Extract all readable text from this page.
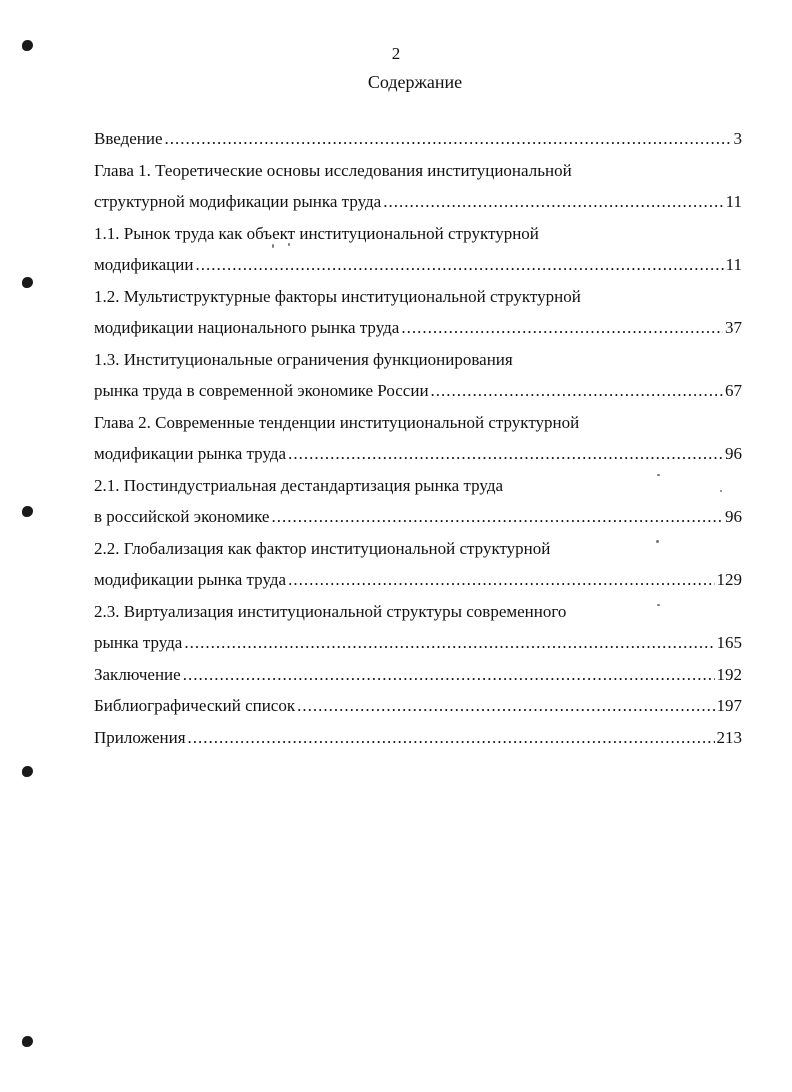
2
Содержание
Введение .....	3
Глава 1. Теоретические основы исследования институциональной
структурной модификации рынка труда .....	11
1.1. Рынок труда как объект институциональной структурной
модификации .....	11
1.2. Мультиструктурные факторы институциональной структурной
модификации национального рынка труда .....	37
1.3. Институциональные ограничения функционирования
рынка труда в современной экономике России .....	67
Глава 2. Современные тенденции институциональной структурной
модификации рынка труда .....	96
2.1. Постиндустриальная дестандартизация рынка труда
в российской экономике .....	96
2.2. Глобализация как фактор институциональной структурной
модификации рынка труда .....	129
2.3. Виртуализация институциональной структуры современного
рынка труда .....	165
Заключение .....	192
Библиографический список .....	197
Приложения .....	213
